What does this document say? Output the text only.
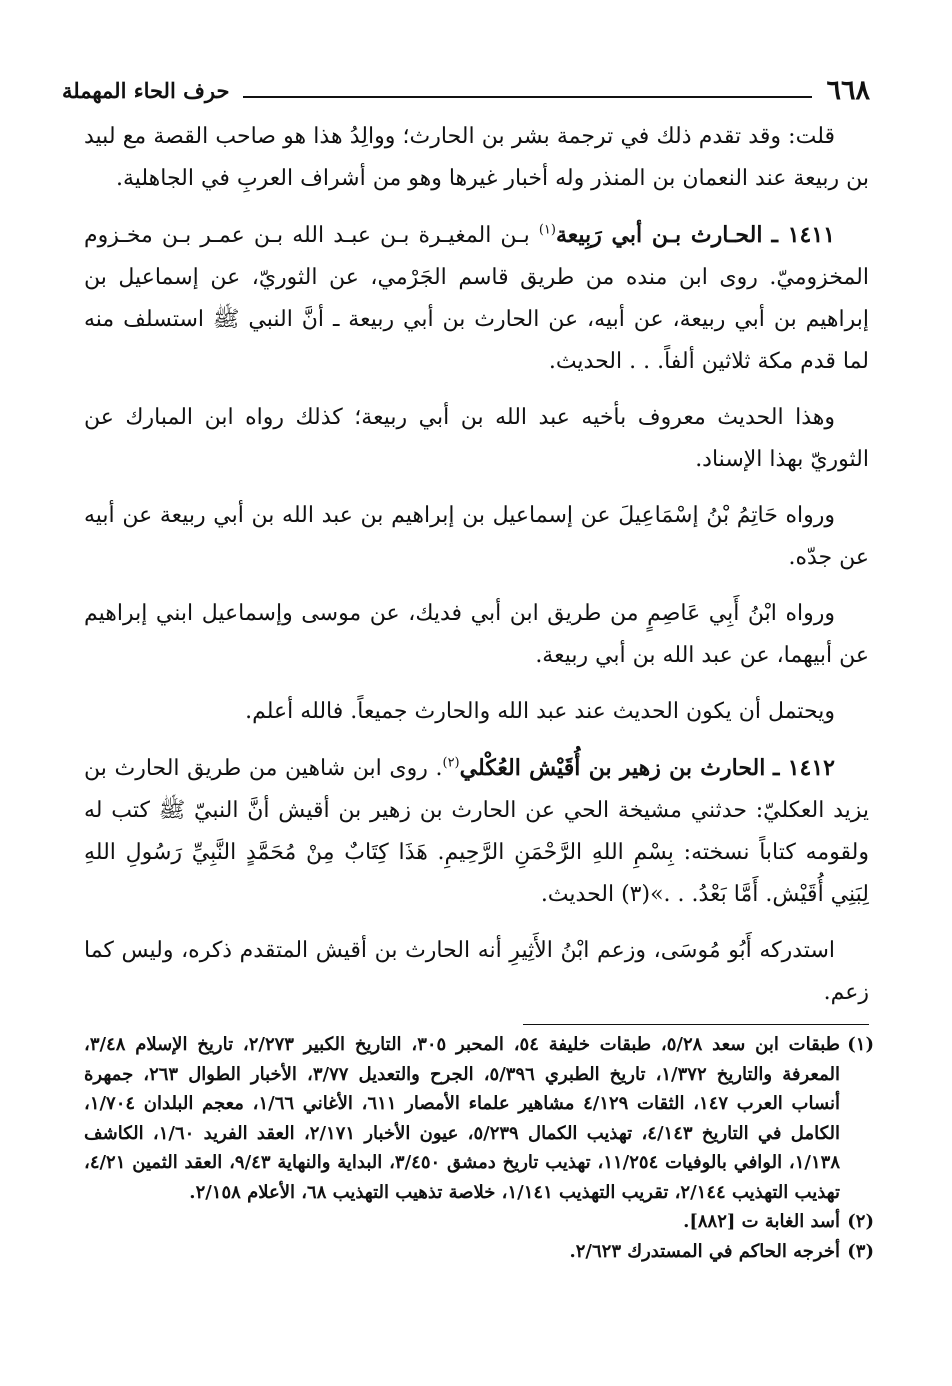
٦٦٨
حرف الحاء المهملة

قلت: وقد تقدم ذلك في ترجمة بشر بن الحارث؛ ووالِدُ هذا هو صاحب القصة مع لبيد بن ربيعة عند النعمان بن المنذر وله أخبار غيرها وهو من أشراف العربِ في الجاهلية.

١٤١١ ـ الحـارث بـن أبي رَبِيعة$^{(١)}$ بـن المغيـرة بـن عبـد الله بـن عمـر بـن مخـزوم المخزوميّ. روى ابن منده من طريق قاسم الجَرْمي، عن الثوريّ، عن إسماعيل بن إبراهيم بن أبي ربيعة، عن أبيه، عن الحارث بن أبي ربيعة ـ أنَّ النبي ﷺ استسلف منه لما قدم مكة ثلاثين ألفاً. . . الحديث.

وهذا الحديث معروف بأخيه عبد الله بن أبي ربيعة؛ كذلك رواه ابن المبارك عن الثوريّ بهذا الإسناد.

ورواه حَاتِمُ بْنُ إسْمَاعِيلَ عن إسماعيل بن إبراهيم بن عبد الله بن أبي ربيعة عن أبيه عن جدّه.

ورواه ابْنُ أَبِي عَاصِمٍ من طريق ابن أبي فديك، عن موسى وإسماعيل ابني إبراهيم عن أبيهما، عن عبد الله بن أبي ربيعة.

ويحتمل أن يكون الحديث عند عبد الله والحارث جميعاً. فالله أعلم.

١٤١٢ ـ الحارث بن زهير بن أُقَيْش العُكْلي$^{(٢)}$. روى ابن شاهين من طريق الحارث بن يزيد العكليّ: حدثني مشيخة الحي عن الحارث بن زهير بن أقيش أنَّ النبيّ ﷺ كتب له ولقومه كتاباً نسخته: بِسْمِ اللهِ الرَّحْمَنِ الرَّحِيمِ. هَذَا كِتَابٌ مِنْ مُحَمَّدٍ النَّبِيِّ رَسُولِ اللهِ لِبَنِي أُقَيْش. أَمَّا بَعْدُ. . .»(٣) الحديث.

استدركه أَبُو مُوسَى، وزعم ابْنُ الأَثِيرِ أنه الحارث بن أقيش المتقدم ذكره، وليس كما زعم.

(١)طبقات ابن سعد ٥/٢٨، طبقات خليفة ٥٤، المحبر ٣٠٥، التاريخ الكبير ٢/٢٧٣، تاريخ الإسلام ٣/٤٨، المعرفة والتاريخ ١/٣٧٢، تاريخ الطبري ٥/٣٩٦، الجرح والتعديل ٣/٧٧، الأخبار الطوال ٢٦٣، جمهرة أنساب العرب ١٤٧، الثقات ٤/١٢٩ مشاهير علماء الأمصار ٦١١، الأغاني ١/٦٦، معجم البلدان ١/٧٠٤، الكامل في التاريخ ٤/١٤٣، تهذيب الكمال ٥/٢٣٩، عيون الأخبار ٢/١٧١، العقد الفريد ١/٦٠، الكاشف ١/١٣٨، الوافي بالوفيات ١١/٢٥٤، تهذيب تاريخ دمشق ٣/٤٥٠، البداية والنهاية ٩/٤٣، العقد الثمين ٤/٢١، تهذيب التهذيب ٢/١٤٤، تقريب التهذيب ١/١٤١، خلاصة تذهيب التهذيب ٦٨، الأعلام ٢/١٥٨.

(٢)أسد الغابة ت [٨٨٢].

(٣)أخرجه الحاكم في المستدرك ٢/٦٢٣.
